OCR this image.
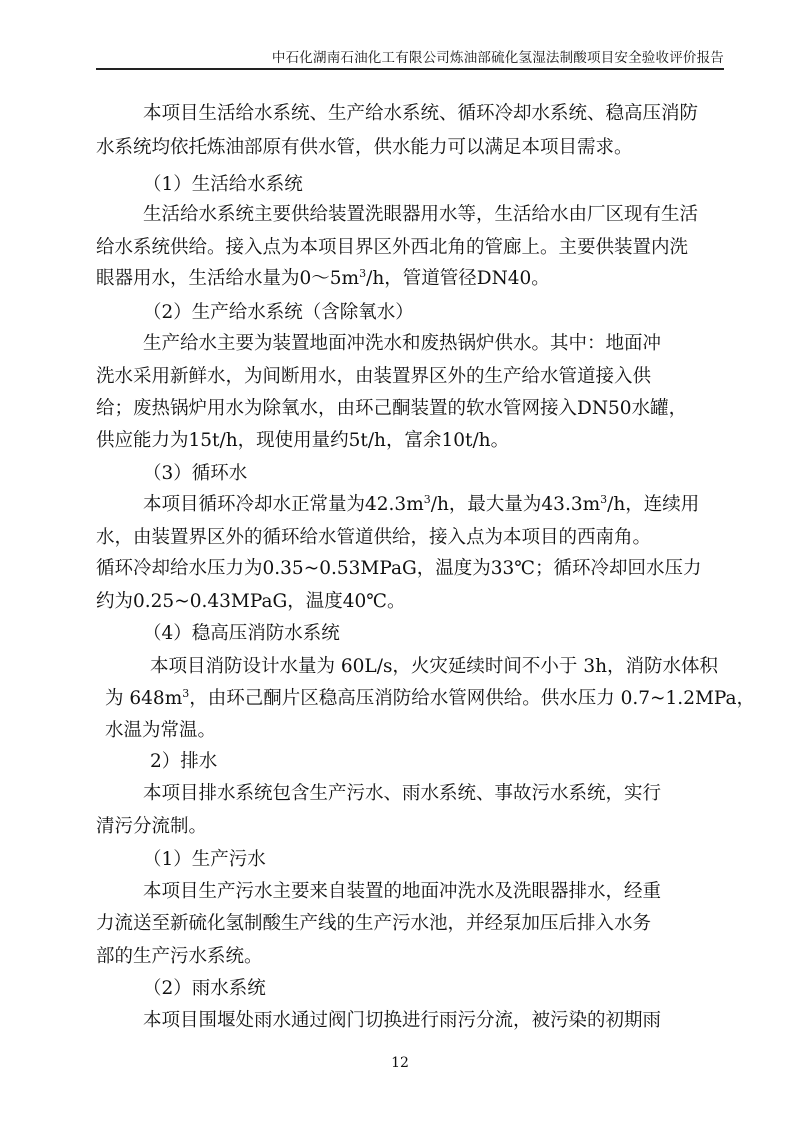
中石化湖南石油化工有限公司炼油部硫化氢湿法制酸项目安全验收评价报告
本项目生活给水系统、生产给水系统、循环冷却水系统、稳高压消防
水系统均依托炼油部原有供水管，供水能力可以满足本项目需求。
（1）生活给水系统
生活给水系统主要供给装置洗眼器用水等，生活给水由厂区现有生活
给水系统供给。接入点为本项目界区外西北角的管廊上。主要供装置内洗
眼器用水，生活给水量为$0\sim 5m^3/h$，管道管径DN40。
（2）生产给水系统（含除氧水）
生产给水主要为装置地面冲洗水和废热锅炉供水。其中：地面冲
洗水采用新鲜水，为间断用水，由装置界区外的生产给水管道接入供
给；废热锅炉用水为除氧水，由环己酮装置的软水管网接入DN50水罐，
供应能力为15t/h，现使用量约5t/h，富余10t/h。
（3）循环水
本项目循环冷却水正常量为$42.3m^3/h$，最大量为$43.3m^3/h$，连续用
水，由装置界区外的循环给水管道供给，接入点为本项目的西南角。
循环冷却给水压力为0.35~0.53MPaG，温度为33℃；循环冷却回水压力
约为0.25~0.43MPaG，温度40℃。
（4）稳高压消防水系统
本项目消防设计水量为 60L/s，火灾延续时间不小于 3h，消防水体积
为 $648m^3$，由环己酮片区稳高压消防给水管网供给。供水压力 0.7~1.2MPa，
水温为常温。
2）排水
本项目排水系统包含生产污水、雨水系统、事故污水系统，实行
清污分流制。
（1）生产污水
本项目生产污水主要来自装置的地面冲洗水及洗眼器排水，经重
力流送至新硫化氢制酸生产线的生产污水池，并经泵加压后排入水务
部的生产污水系统。
（2）雨水系统
本项目围堰处雨水通过阀门切换进行雨污分流，被污染的初期雨
12
